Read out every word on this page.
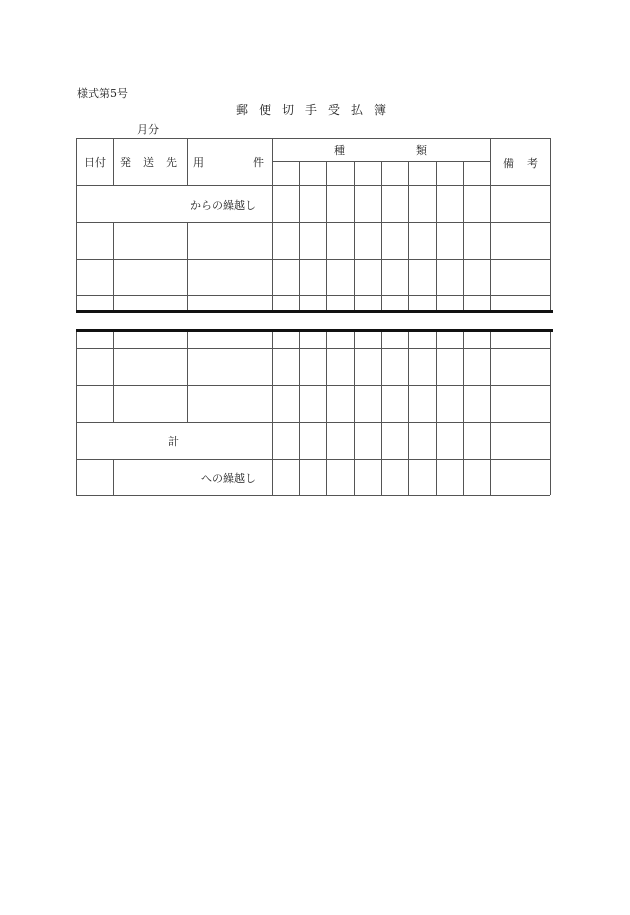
様式第5号
郵 便 切 手 受 払 簿
月分
日付 発 送 先 用	件
種	類
備 考
からの繰越し
計
への繰越し
